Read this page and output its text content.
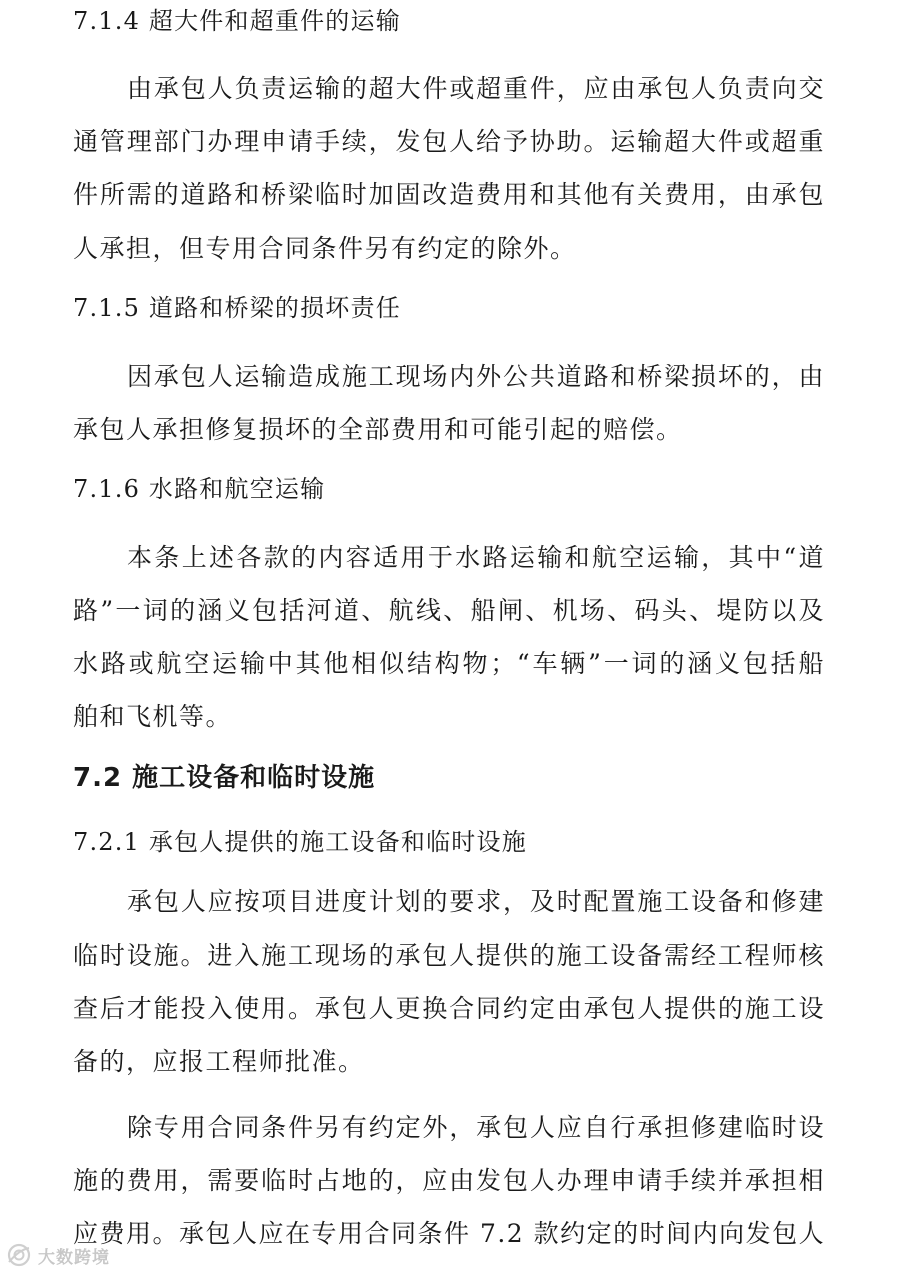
7.1.4 超大件和超重件的运输
由承包人负责运输的超大件或超重件，应由承包人负责向交
通管理部门办理申请手续，发包人给予协助。运输超大件或超重
件所需的道路和桥梁临时加固改造费用和其他有关费用，由承包
人承担，但专用合同条件另有约定的除外。
7.1.5 道路和桥梁的损坏责任
因承包人运输造成施工现场内外公共道路和桥梁损坏的，由
承包人承担修复损坏的全部费用和可能引起的赔偿。
7.1.6 水路和航空运输
本条上述各款的内容适用于水路运输和航空运输，其中“道
路”一词的涵义包括河道、航线、船闸、机场、码头、堤防以及
水路或航空运输中其他相似结构物；“车辆”一词的涵义包括船
舶和飞机等。
7.2 施工设备和临时设施
7.2.1 承包人提供的施工设备和临时设施
承包人应按项目进度计划的要求，及时配置施工设备和修建
临时设施。进入施工现场的承包人提供的施工设备需经工程师核
查后才能投入使用。承包人更换合同约定由承包人提供的施工设
备的，应报工程师批准。
除专用合同条件另有约定外，承包人应自行承担修建临时设
施的费用，需要临时占地的，应由发包人办理申请手续并承担相
应费用。承包人应在专用合同条件 7.2 款约定的时间内向发包人
大数跨境
